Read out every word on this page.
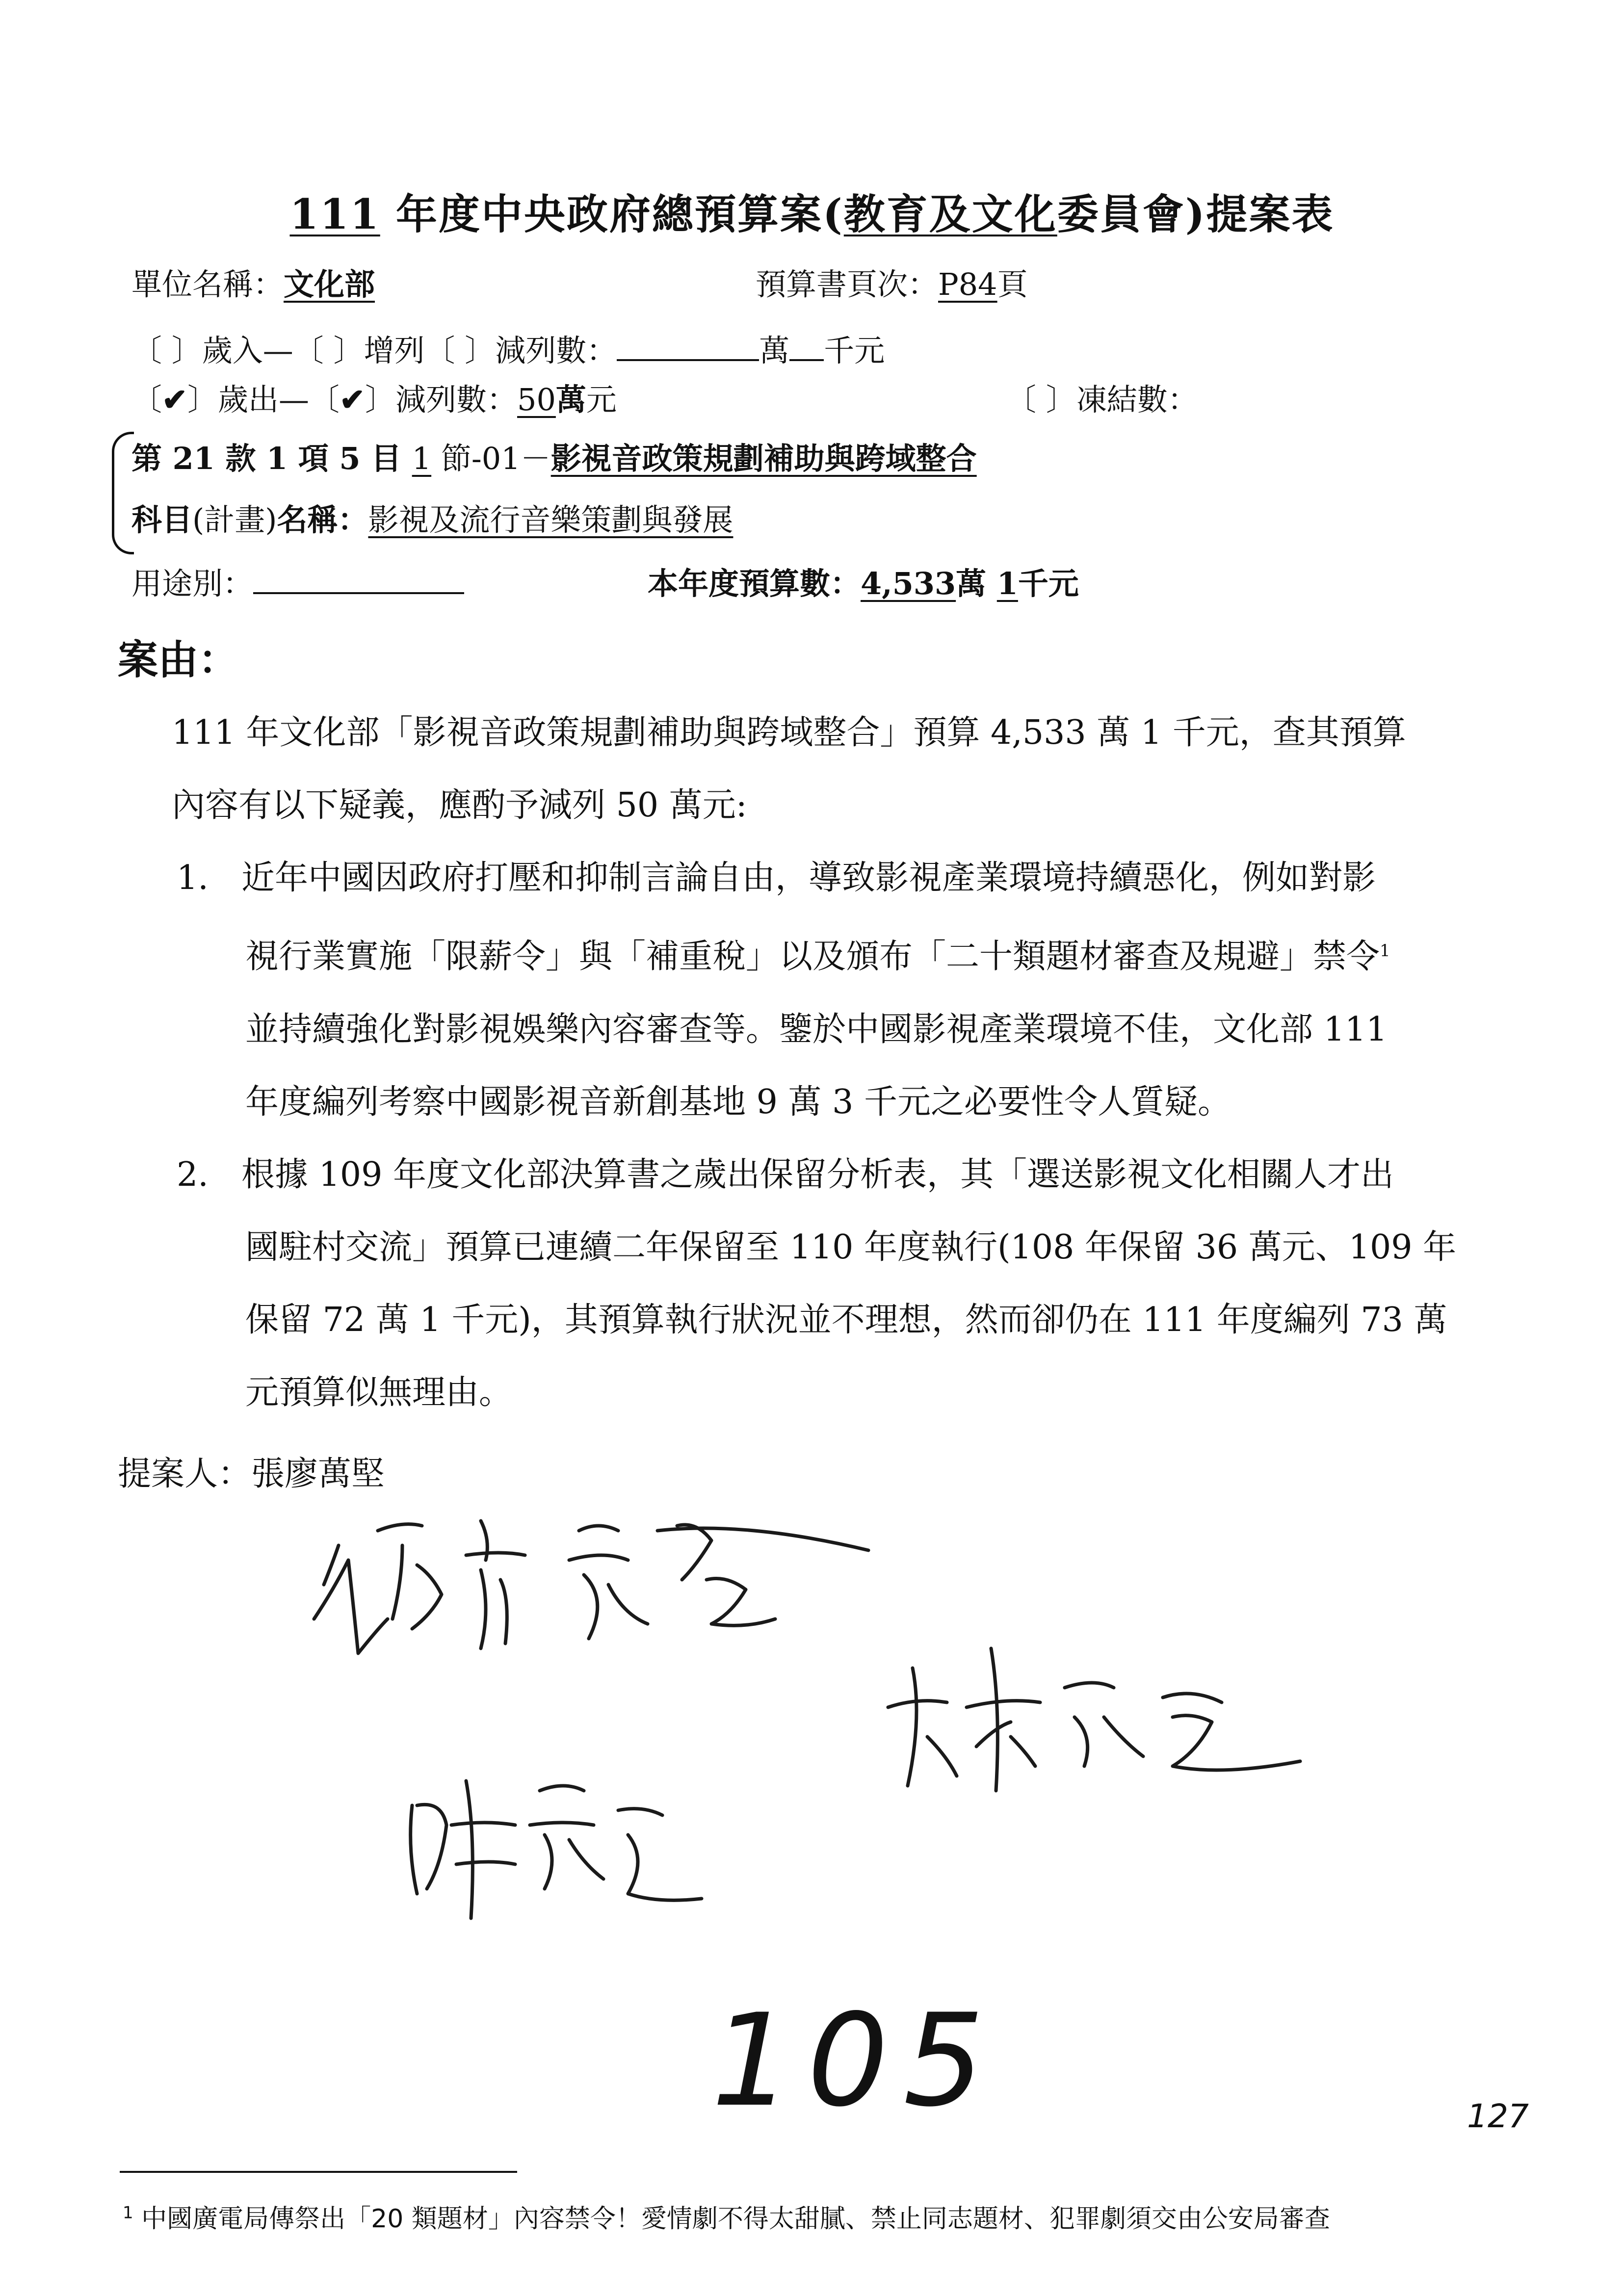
111 年度中央政府總預算案(教育及文化委員會)提案表
單位名稱：文化部	預算書頁次：P84頁
〔 〕歲入—〔 〕增列〔 〕減列數：	萬 千元
〔✔〕歲出—〔✔〕減列數：50萬元	〔 〕凍結數：
第 21 款 1 項 5 目 1 節-01－影視音政策規劃補助與跨域整合
科目(計畫)名稱：影視及流行音樂策劃與發展
用途別：	本年度預算數：4,533萬 1千元
案由：
111 年文化部「影視音政策規劃補助與跨域整合」預算 4,533 萬 1 千元，查其預算
內容有以下疑義，應酌予減列 50 萬元:
1. 近年中國因政府打壓和抑制言論自由，導致影視產業環境持續惡化，例如對影
視行業實施「限薪令」與「補重稅」以及頒布「二十類題材審查及規避」禁令$^1$
並持續強化對影視娛樂內容審查等。鑒於中國影視產業環境不佳，文化部 111
年度編列考察中國影視音新創基地 9 萬 3 千元之必要性令人質疑。
2. 根據 109 年度文化部決算書之歲出保留分析表，其「選送影視文化相關人才出
國駐村交流」預算已連續二年保留至 110 年度執行(108 年保留 36 萬元、109 年
保留 72 萬 1 千元)，其預算執行狀況並不理想，然而卻仍在 111 年度編列 73 萬
元預算似無理由。
提案人：張廖萬堅
105	127
$^1$ 中國廣電局傳祭出「20 類題材」內容禁令！愛情劇不得太甜膩、禁止同志題材、犯罪劇須交由公安局審查
